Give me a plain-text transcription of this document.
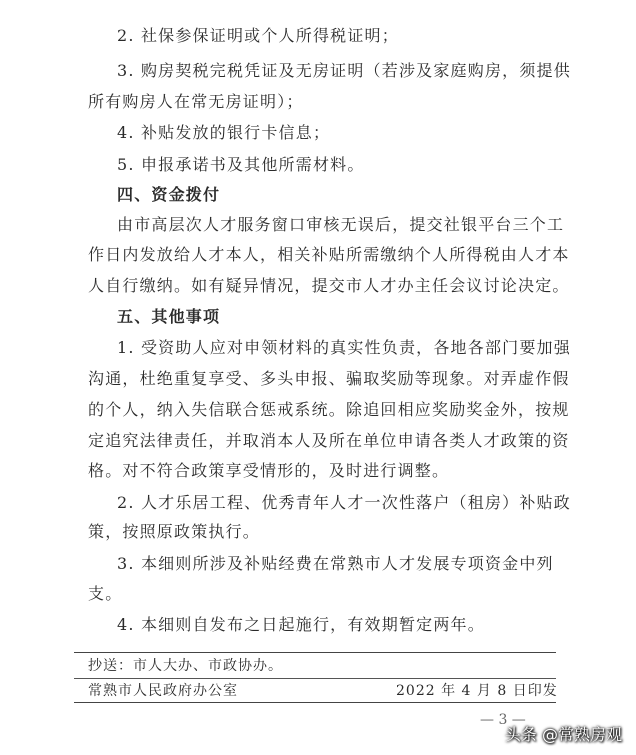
2. 社保参保证明或个人所得税证明；
3. 购房契税完税凭证及无房证明（若涉及家庭购房，须提供
所有购房人在常无房证明）；
4. 补贴发放的银行卡信息；
5. 申报承诺书及其他所需材料。
四、资金拨付
由市高层次人才服务窗口审核无误后，提交社银平台三个工
作日内发放给人才本人，相关补贴所需缴纳个人所得税由人才本
人自行缴纳。如有疑异情况，提交市人才办主任会议讨论决定。
五、其他事项
1. 受资助人应对申领材料的真实性负责，各地各部门要加强
沟通，杜绝重复享受、多头申报、骗取奖励等现象。对弄虚作假
的个人，纳入失信联合惩戒系统。除追回相应奖励奖金外，按规
定追究法律责任，并取消本人及所在单位申请各类人才政策的资
格。对不符合政策享受情形的，及时进行调整。
2. 人才乐居工程、优秀青年人才一次性落户（租房）补贴政
策，按照原政策执行。
3. 本细则所涉及补贴经费在常熟市人才发展专项资金中列
支。
4. 本细则自发布之日起施行，有效期暂定两年。
抄送：市人大办、市政协办。
常熟市人民政府办公室	2022 年 4 月 8 日印发
— 3 —
头条 @常熟房观
